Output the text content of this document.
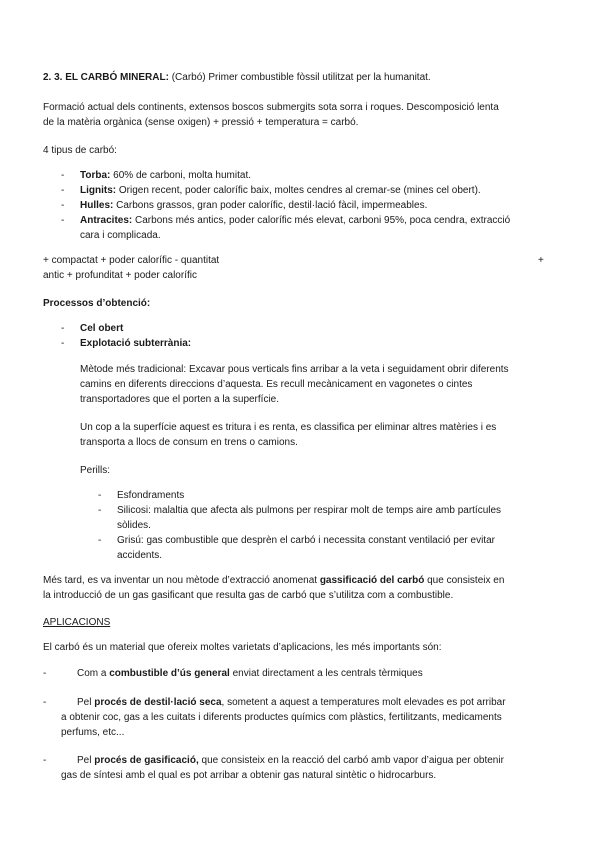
2. 3. EL CARBÓ MINERAL: (Carbó) Primer combustible fòssil utilitzat per la humanitat.

Formació actual dels continents, extensos boscos submergits sota sorra i roques. Descomposició lenta

de la matèria orgànica (sense oxigen) + pressió + temperatura = carbó.

4 tipus de carbó:

- Torba: 60% de carboni, molta humitat.
- Lignits: Origen recent, poder calorífic baix, moltes cendres al cremar-se (mines cel obert).
- Hulles: Carbons grassos, gran poder calorífic, destil·lació fàcil, impermeables.
- Antracites: Carbons més antics, poder calorífic més elevat, carboni 95%, poca cendra, extracció
cara i complicada.

+ compactat + poder calorífic - quantitat	+

antic + profunditat + poder calorífic

Processos d’obtenció:

- Cel obert
- Explotació subterrània:

Mètode més tradicional: Excavar pous verticals fins arribar a la veta i seguidament obrir diferents

camins en diferents direccions d’aquesta. Es recull mecànicament en vagonetes o cintes

transportadores que el porten a la superfície.

Un cop a la superfície aquest es tritura i es renta, es classifica per eliminar altres matèries i es

transporta a llocs de consum en trens o camions.

Perills:

- Esfondraments
- Silicosi: malaltia que afecta als pulmons per respirar molt de temps aire amb partícules
sòlides.
- Grisú: gas combustible que desprèn el carbó i necessita constant ventilació per evitar
accidents.

Més tard, es va inventar un nou mètode d’extracció anomenat gassificació del carbó que consisteix en

la introducció de un gas gasificant que resulta gas de carbó que s’utilitza com a combustible.

APLICACIONS

El carbó és un material que ofereix moltes varietats d’aplicacions, les més importants són:

-	Com a combustible d’ús general enviat directament a les centrals tèrmiques

-	Pel procés de destil·lació seca, sometent a aquest a temperatures molt elevades es pot arribar

a obtenir coc, gas a les cuitats i diferents productes químics com plàstics, fertilitzants, medicaments

perfums, etc...

-	Pel procés de gasificació, que consisteix en la reacció del carbó amb vapor d’aigua per obtenir

gas de síntesi amb el qual es pot arribar a obtenir gas natural sintètic o hidrocarburs.
